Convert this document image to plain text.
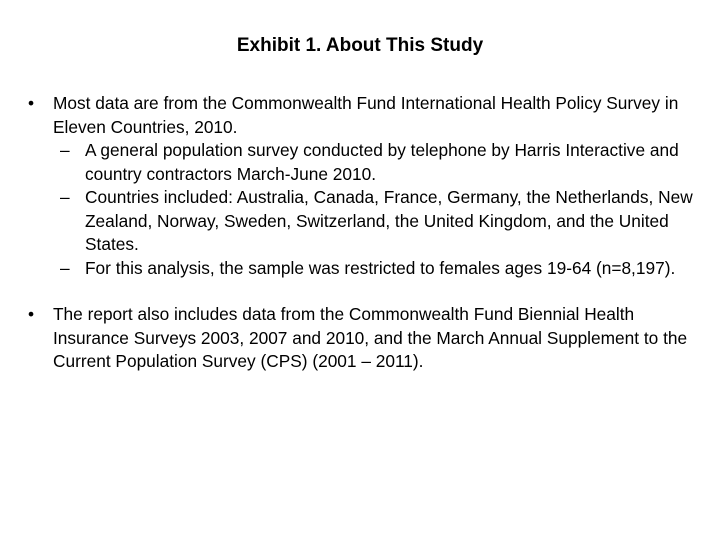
Exhibit 1. About This Study
• Most data are from the Commonwealth Fund International Health Policy Survey in Eleven Countries, 2010.
– A general population survey conducted by telephone by Harris Interactive and country contractors March-June 2010.
– Countries included: Australia, Canada, France, Germany, the Netherlands, New Zealand, Norway, Sweden, Switzerland, the United Kingdom, and the United States.
– For this analysis, the sample was restricted to females ages 19-64 (n=8,197).
• The report also includes data from the Commonwealth Fund Biennial Health Insurance Surveys 2003, 2007 and 2010, and the March Annual Supplement to the Current Population Survey (CPS) (2001 – 2011).
